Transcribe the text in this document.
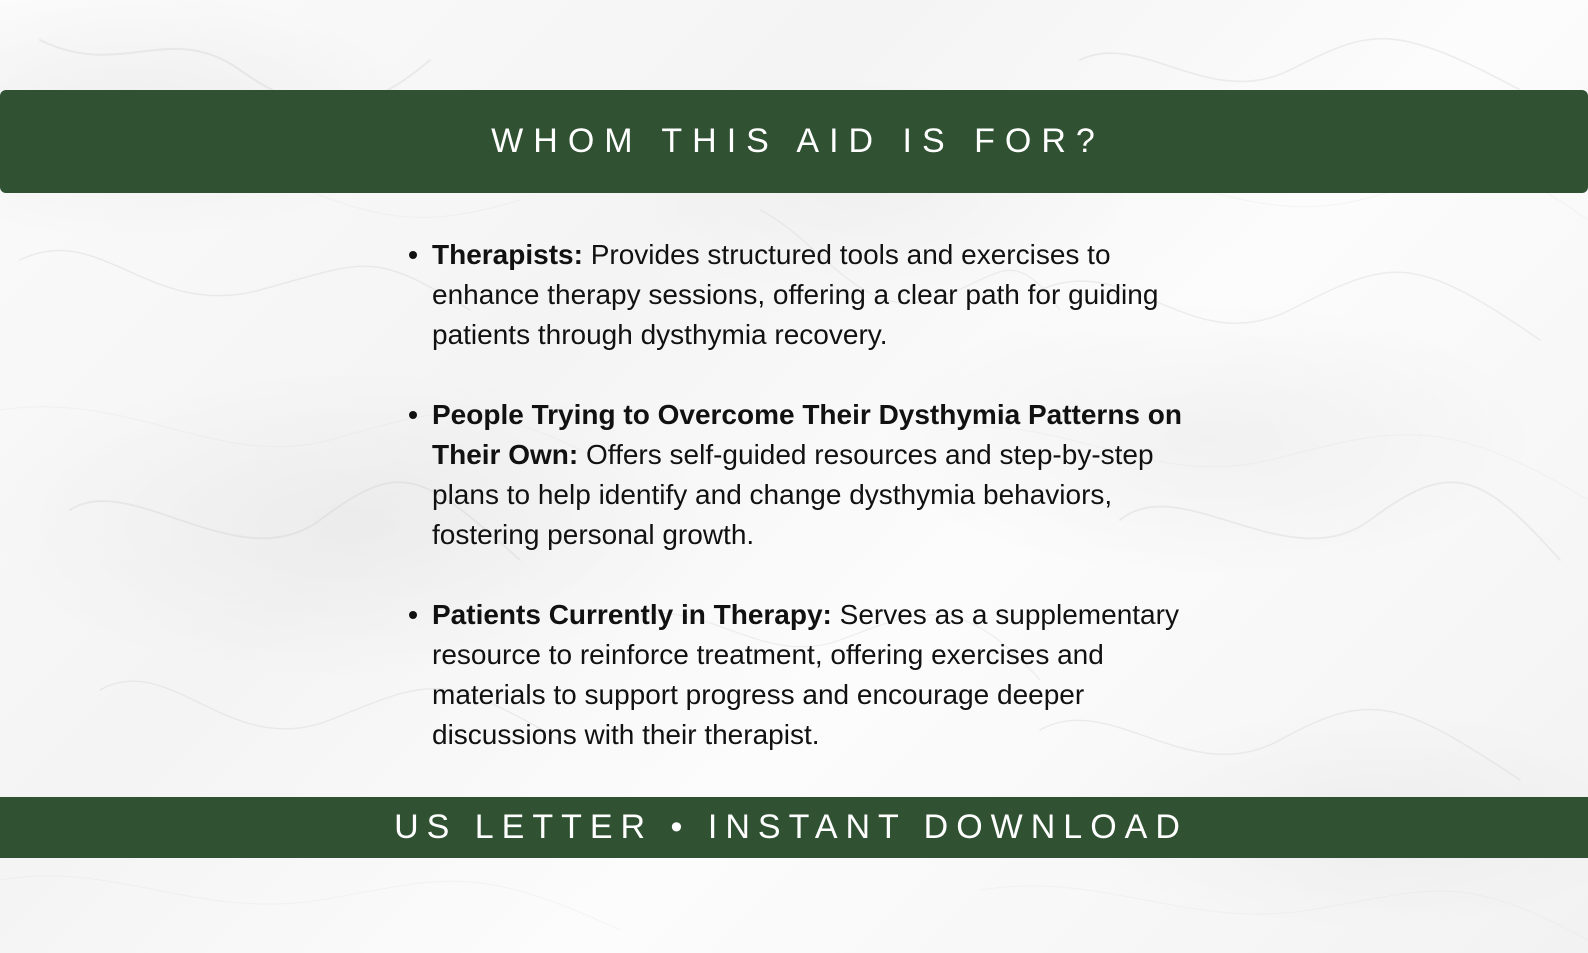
WHOM THIS AID IS FOR?
• Therapists: Provides structured tools and exercises to enhance therapy sessions, offering a clear path for guiding patients through dysthymia recovery.
• People Trying to Overcome Their Dysthymia Patterns on Their Own: Offers self-guided resources and step-by-step plans to help identify and change dysthymia behaviors, fostering personal growth.
• Patients Currently in Therapy: Serves as a supplementary resource to reinforce treatment, offering exercises and materials to support progress and encourage deeper discussions with their therapist.
US LETTER • INSTANT DOWNLOAD
